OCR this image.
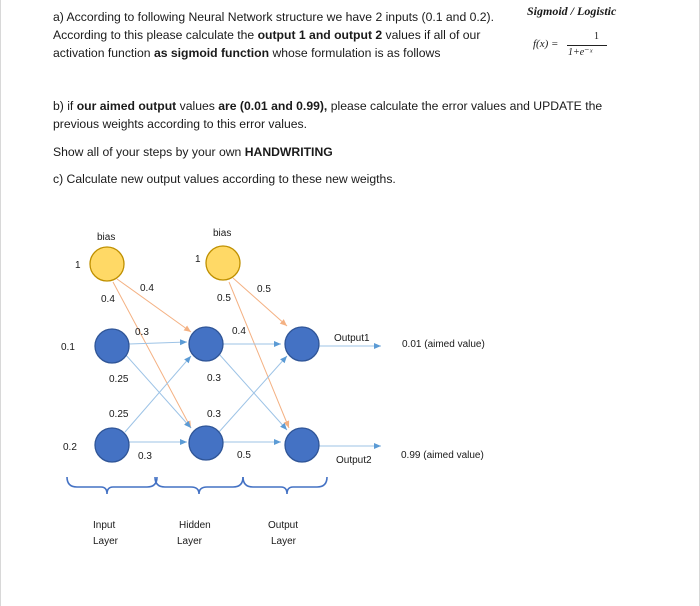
a) According to following Neural Network structure we have 2 inputs (0.1 and 0.2).
According to this please calculate the output 1 and output 2 values if all of our
activation function as sigmoid function whose formulation is as follows

Sigmoid / Logistic
f(x) =
1
1+e⁻ˣ

b) if our aimed output values are (0.01 and 0.99), please calculate the error values and UPDATE the
previous weights according to this error values.

Show all of your steps by your own HANDWRITING

c) Calculate new output values according to these new weigths.

bias	bias
1
1
0.1
0.2
0.4
0.4
0.3
0.25
0.25
0.3
0.5
0.5
0.4
0.3
0.3
0.5
Output1
Output2
0.01 (aimed value)
0.99 (aimed value)
Input
Layer
Hidden
Layer
Output
Layer
